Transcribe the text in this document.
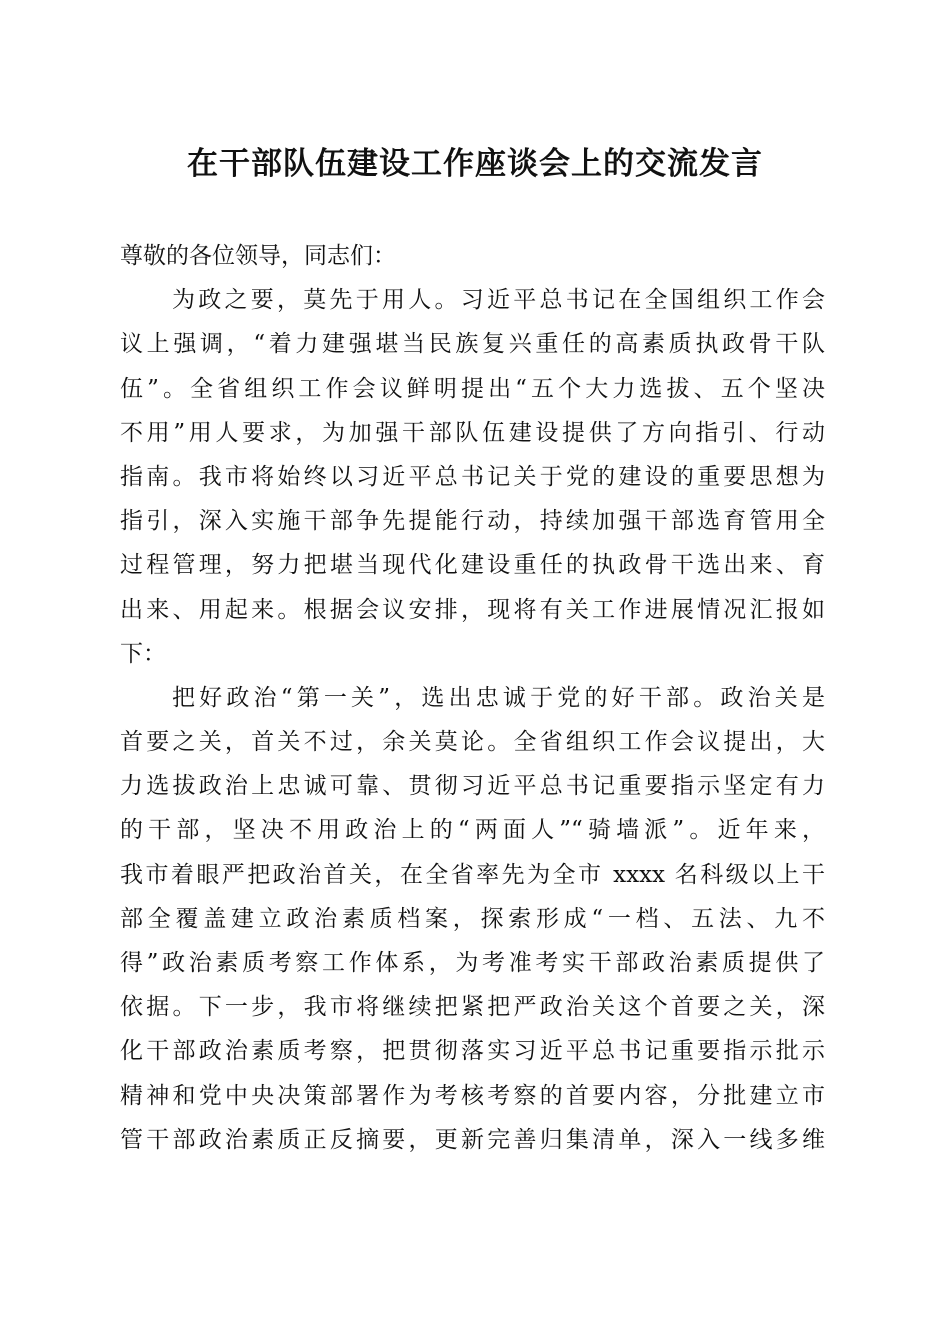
在干部队伍建设工作座谈会上的交流发言
尊敬的各位领导，同志们：
为政之要，莫先于用人。习近平总书记在全国组织工作会
议上强调，“着力建强堪当民族复兴重任的高素质执政骨干队
伍”。全省组织工作会议鲜明提出“五个大力选拔、五个坚决
不用”用人要求，为加强干部队伍建设提供了方向指引、行动
指南。我市将始终以习近平总书记关于党的建设的重要思想为
指引，深入实施干部争先提能行动，持续加强干部选育管用全
过程管理，努力把堪当现代化建设重任的执政骨干选出来、育
出来、用起来。根据会议安排，现将有关工作进展情况汇报如
下：
把好政治“第一关”，选出忠诚于党的好干部。政治关是
首要之关，首关不过，余关莫论。全省组织工作会议提出，大
力选拔政治上忠诚可靠、贯彻习近平总书记重要指示坚定有力
的干部，坚决不用政治上的“两面人”“骑墙派”。近年来，
我市着眼严把政治首关，在全省率先为全市 xxxx 名科级以上干
部全覆盖建立政治素质档案，探索形成“一档、五法、九不
得”政治素质考察工作体系，为考准考实干部政治素质提供了
依据。下一步，我市将继续把紧把严政治关这个首要之关，深
化干部政治素质考察，把贯彻落实习近平总书记重要指示批示
精神和党中央决策部署作为考核考察的首要内容，分批建立市
管干部政治素质正反摘要，更新完善归集清单，深入一线多维
